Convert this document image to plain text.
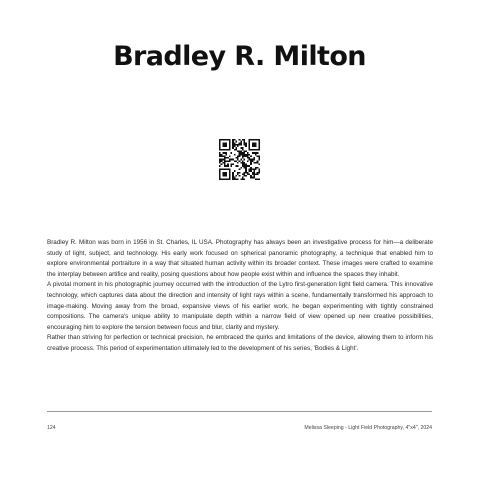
Bradley R. Milton

Bradley R. Milton was born in 1956 in St. Charles, IL USA. Photography has always been an investigative process for him—a deliberate study of light, subject, and technology. His early work focused on spherical panoramic photography, a technique that enabled him to explore environmental portraiture in a way that situated human activity within its broader context. These images were crafted to examine the interplay between artifice and reality, posing questions about how people exist within and influence the spaces they inhabit.

A pivotal moment in his photographic journey occurred with the introduction of the Lytro first-generation light field camera. This innovative technology, which captures data about the direction and intensity of light rays within a scene, fundamentally transformed his approach to image-making. Moving away from the broad, expansive views of his earlier work, he began experimenting with tightly constrained compositions. The camera's unique ability to manipulate depth within a narrow field of view opened up new creative possibilities, encouraging him to explore the tension between focus and blur, clarity and mystery.

Rather than striving for perfection or technical precision, he embraced the quirks and limitations of the device, allowing them to inform his creative process. This period of experimentation ultimately led to the development of his series, 'Bodies & Light'.

124	Melissa Sleeping - Light Field Photography, 4"x4", 2024
